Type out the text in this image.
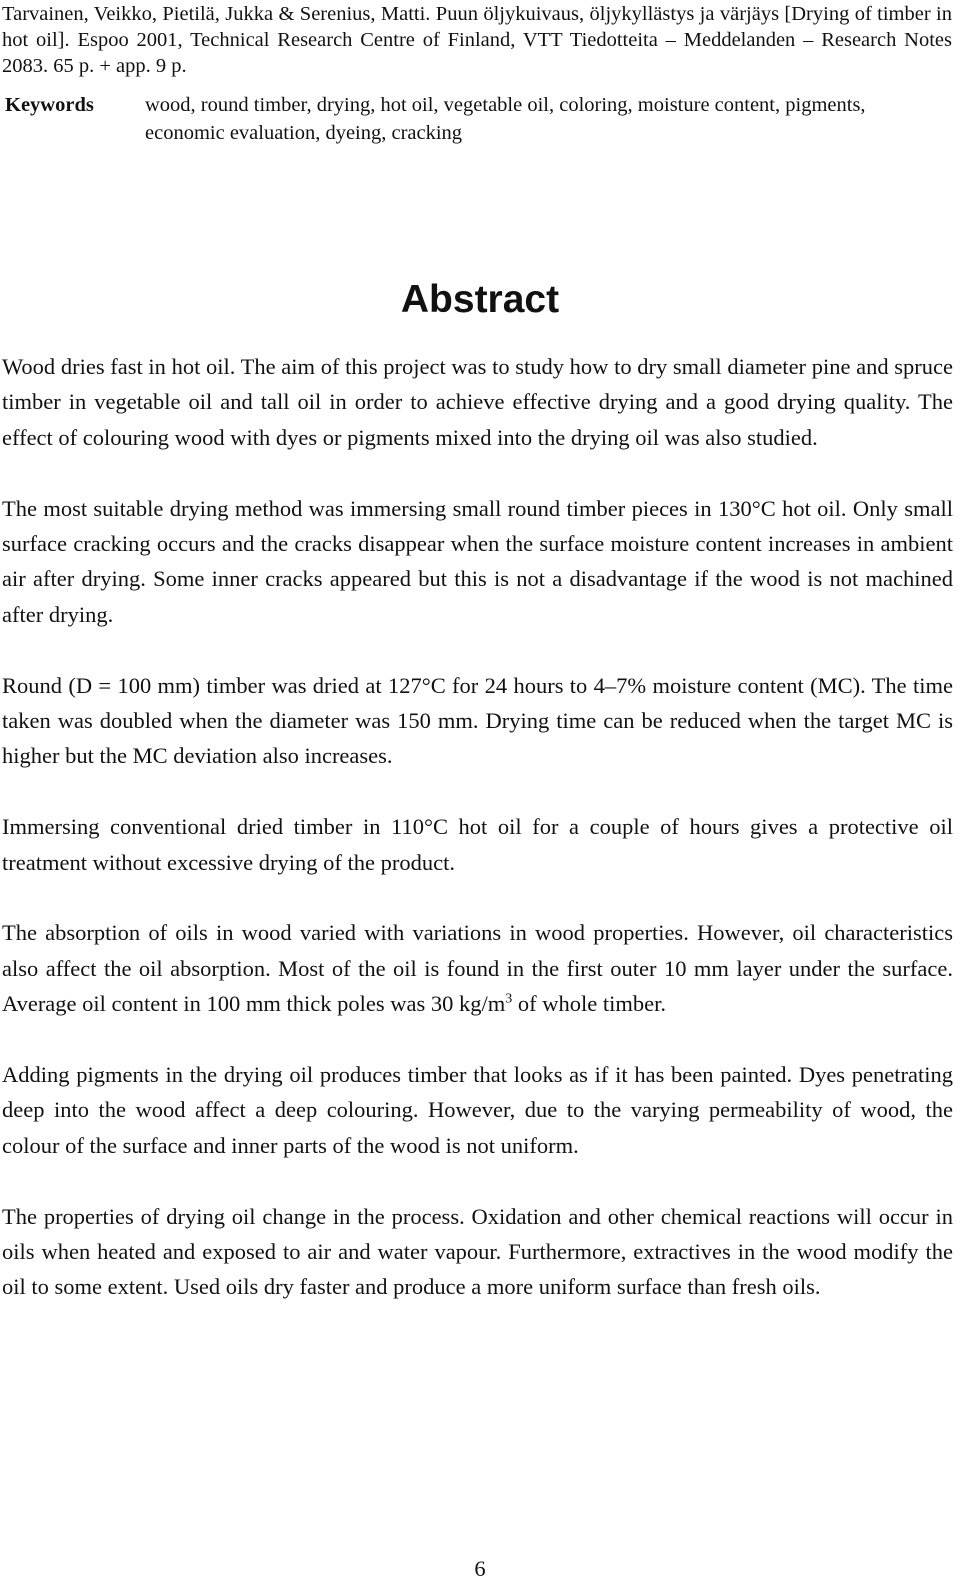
Tarvainen, Veikko, Pietilä, Jukka & Serenius, Matti. Puun öljykuivaus, öljykyllästys ja värjäys [Drying of timber in hot oil]. Espoo 2001, Technical Research Centre of Finland, VTT Tiedotteita – Meddelanden – Research Notes 2083. 65 p. + app. 9 p.

Keywords wood, round timber, drying, hot oil, vegetable oil, coloring, moisture content, pigments, economic evaluation, dyeing, cracking
Abstract

Wood dries fast in hot oil. The aim of this project was to study how to dry small diameter pine and spruce timber in vegetable oil and tall oil in order to achieve effective drying and a good drying quality. The effect of colouring wood with dyes or pigments mixed into the drying oil was also studied.

The most suitable drying method was immersing small round timber pieces in 130°C hot oil. Only small surface cracking occurs and the cracks disappear when the surface moisture content increases in ambient air after drying. Some inner cracks appeared but this is not a disadvantage if the wood is not machined after drying.

Round (D = 100 mm) timber was dried at 127°C for 24 hours to 4–7% moisture content (MC). The time taken was doubled when the diameter was 150 mm. Drying time can be reduced when the target MC is higher but the MC deviation also increases.

Immersing conventional dried timber in 110°C hot oil for a couple of hours gives a protective oil treatment without excessive drying of the product.

The absorption of oils in wood varied with variations in wood properties. However, oil characteristics also affect the oil absorption. Most of the oil is found in the first outer 10 mm layer under the surface. Average oil content in 100 mm thick poles was 30 $kg/m^3$ of whole timber.

Adding pigments in the drying oil produces timber that looks as if it has been painted. Dyes penetrating deep into the wood affect a deep colouring. However, due to the varying permeability of wood, the colour of the surface and inner parts of the wood is not uniform.

The properties of drying oil change in the process. Oxidation and other chemical reactions will occur in oils when heated and exposed to air and water vapour. Furthermore, extractives in the wood modify the oil to some extent. Used oils dry faster and produce a more uniform surface than fresh oils.

6
